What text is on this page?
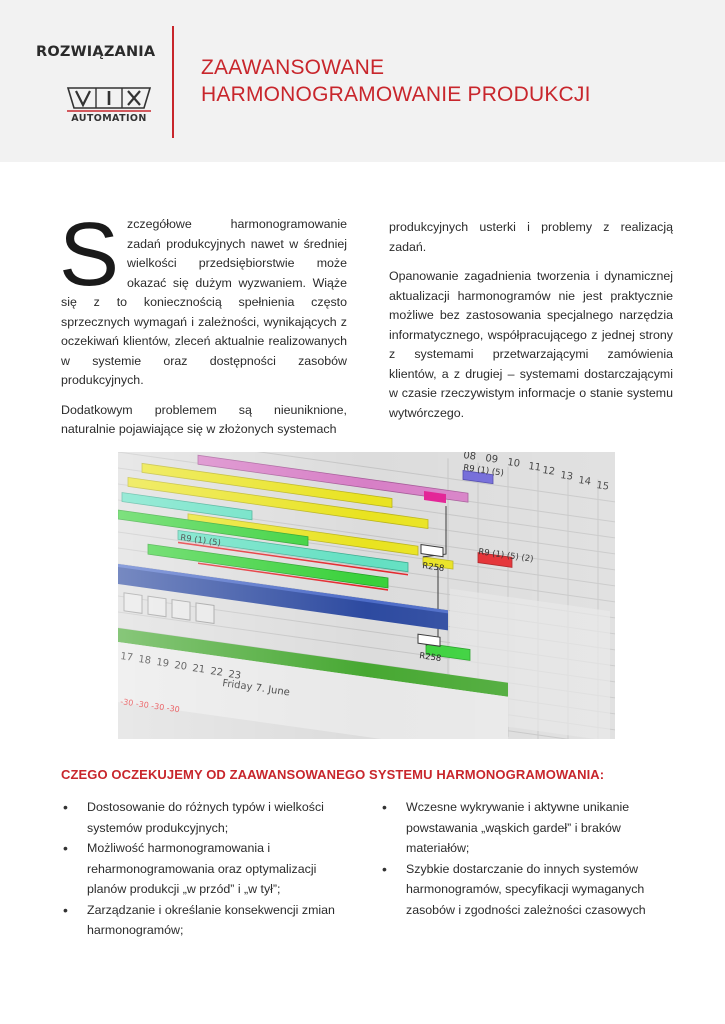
ROZWIĄZANIA
AUTOMATION
ZAAWANSOWANE
HARMONOGRAMOWANIE PRODUKCJI

Szczegółowe harmonogramowanie zadań produkcyjnych nawet w średniej wielkości przedsiębiorstwie może okazać się dużym wyzwaniem. Wiąże się z to koniecznością spełnienia często sprzecznych wymagań i zależności, wynikających z oczekiwań klientów, zleceń aktualnie realizowanych w systemie oraz dostępności zasobów produkcyjnych.

Dodatkowym problemem są nieuniknione, naturalnie pojawiające się w złożonych systemach

produkcyjnych usterki i problemy z realizacją zadań.

Opanowanie zagadnienia tworzenia i dynamicznej aktualizacji harmonogramów nie jest praktycznie możliwe bez zastosowania specjalnego narzędzia informatycznego, współpracującego z jednej strony z systemami przetwarzającymi zamówienia klientów, a z drugiej – systemami dostarczającymi w czasie rzeczywistym informacje o stanie systemu wytwórczego.

CZEGO OCZEKUJEMY OD ZAAWANSOWANEGO SYSTEMU HARMONOGRAMOWANIA:
• Dostosowanie do różnych typów i wielkości systemów produkcyjnych;
• Możliwość harmonogramowania i reharmonogramowania oraz optymalizacji planów produkcji „w przód” i „w tył”;
• Zarządzanie i określanie konsekwencji zmian harmonogramów;
• Wczesne wykrywanie i aktywne unikanie powstawania „wąskich gardeł” i braków materiałów;
• Szybkie dostarczanie do innych systemów harmonogramów, specyfikacji wymaganych zasobów i zgodności zależności czasowych
